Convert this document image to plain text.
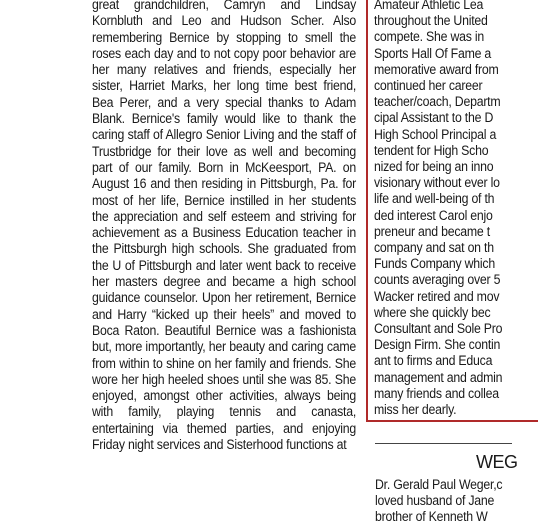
great grandchildren, Camryn and Lindsay Kornbluth and Leo and Hudson Scher. Also remembering Bernice by stopping to smell the roses each day and to not copy poor behavior are her many relatives and friends, especially her sister, Harriet Marks, her long time best friend, Bea Perer, and a very special thanks to Adam Blank. Bernice's family would like to thank the caring staff of Allegro Senior Living and the staff of Trustbridge for their love as well and becoming part of our family. Born in McKeesport, PA. on August 16 and then residing in Pittsburgh, Pa. for most of her life, Bernice instilled in her students the appreciation and self esteem and striving for achievement as a Business Education teacher in the Pittsburgh high schools. She graduated from the U of Pittsburgh and later went back to receive her masters degree and became a high school guidance counselor. Upon her retirement, Bernice and Harry “kicked up their heels” and moved to Boca Raton. Beautiful Bernice was a fashionista but, more importantly, her beauty and caring came from within to shine on her family and friends. She wore her high heeled shoes until she was 85. She enjoyed, amongst other activities, always being with family, playing tennis and canasta, entertaining via themed parties, and enjoying Friday night services and Sisterhood functions at

Amateur Athletic Lea
throughout the United
compete. She was in
Sports Hall Of Fame a
memorative award from
continued her career
teacher/coach, Departm
cipal Assistant to the D
High School Principal a
tendent for High Scho
nized for being an inno
visionary without ever lo
life and well-being of th
ded interest Carol enjo
preneur and became t
company and sat on th
Funds Company which
counts averaging over 5
Wacker retired and mov
where she quickly bec
Consultant and Sole Pro
Design Firm. She contin
ant to firms and Educa
management and admin
many friends and collea
miss her dearly.
WEG
Dr. Gerald Paul Weger,c
loved husband of Jane
brother of Kenneth W
